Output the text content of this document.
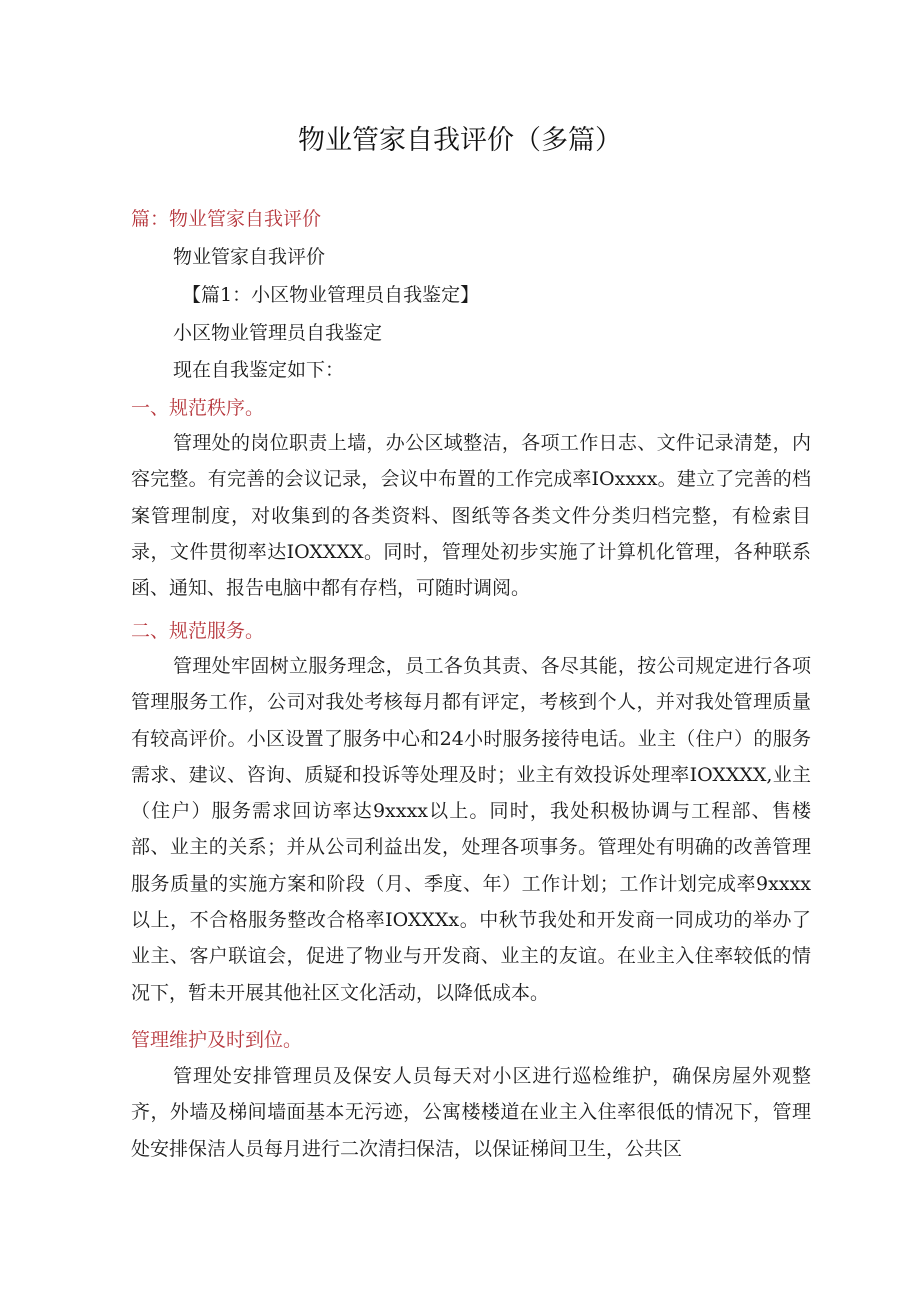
物业管家自我评价（多篇）
篇：物业管家自我评价
物业管家自我评价
【篇1：小区物业管理员自我鉴定】
小区物业管理员自我鉴定
现在自我鉴定如下：
一、规范秩序。
管理处的岗位职责上墙，办公区域整洁，各项工作日志、文件记录清楚，内容完整。有完善的会议记录，会议中布置的工作完成率IOxxxx。建立了完善的档案管理制度，对收集到的各类资料、图纸等各类文件分类归档完整，有检索目录，文件贯彻率达IOXXXX。同时，管理处初步实施了计算机化管理，各种联系函、通知、报告电脑中都有存档，可随时调阅。
二、规范服务。
管理处牢固树立服务理念，员工各负其责、各尽其能，按公司规定进行各项管理服务工作，公司对我处考核每月都有评定，考核到个人，并对我处管理质量有较高评价。小区设置了服务中心和24小时服务接待电话。业主（住户）的服务需求、建议、咨询、质疑和投诉等处理及时；业主有效投诉处理率IOXXXX,业主（住户）服务需求回访率达9xxxx以上。同时，我处积极协调与工程部、售楼部、业主的关系；并从公司利益出发，处理各项事务。管理处有明确的改善管理服务质量的实施方案和阶段（月、季度、年）工作计划；工作计划完成率9xxxx以上，不合格服务整改合格率IOXXXx。中秋节我处和开发商一同成功的举办了业主、客户联谊会，促进了物业与开发商、业主的友谊。在业主入住率较低的情况下，暂未开展其他社区文化活动，以降低成本。
管理维护及时到位。
管理处安排管理员及保安人员每天对小区进行巡检维护，确保房屋外观整齐，外墙及梯间墙面基本无污迹，公寓楼楼道在业主入住率很低的情况下，管理处安排保洁人员每月进行二次清扫保洁，以保证梯间卫生，公共区
